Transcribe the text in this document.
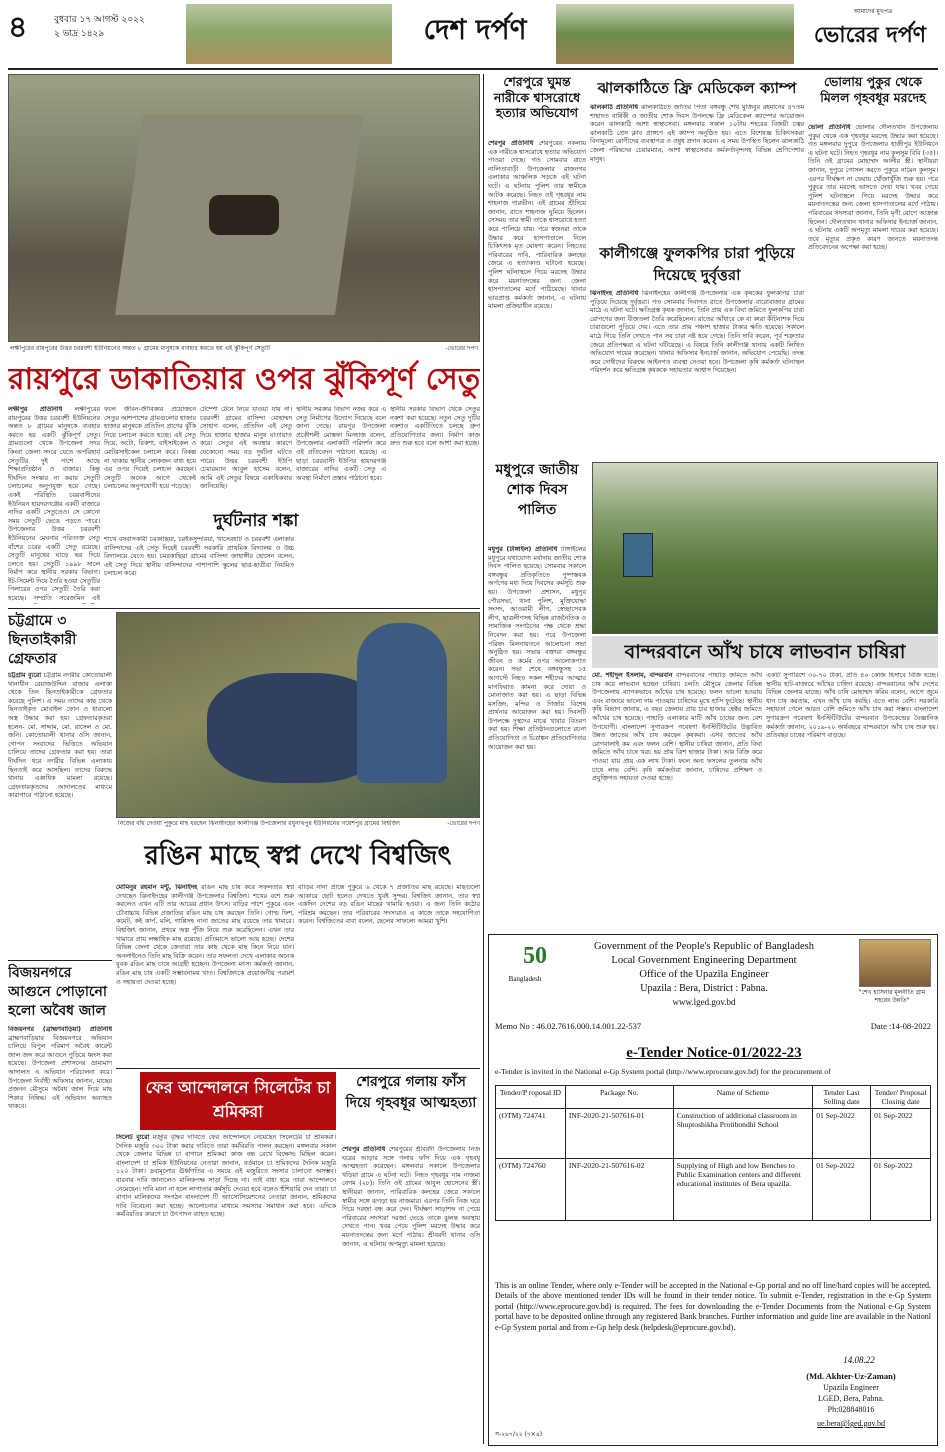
৪	বুধবার ১৭ আগস্ট ২০২২
২ ভাদ্র ১৪২৯	দেশ দর্পণ
আমাদের মুখপত্র
ভোরের দর্পণ
লক্ষীপুরের রায়পুরের উত্তর চররবশী ইউনিয়নের অন্তত ৮ গ্রামের মানুষকে ব্যবহার করতে হয় এই ঝুঁকিপূর্ণ সেতুটি	-ভোরের দর্পণ
রায়পুরে ডাকাতিয়ার ওপর ঝুঁকিপূর্ণ সেতু
লক্ষীপুর প্রতিনিধি লক্ষীপুরের রায়পুরের উত্তর চররবশী ইউনিয়নের অন্তত ৮ গ্রামের মানুষকে ব্যবহার করতে হয় একটি ঝুঁকিপূর্ণ সেতু। গ্রামগুলো থেকে উপজেলা সদর কিংবা জেলা সদরে যেতে অপরিহার্য সেতুটির দুই পাশে আছে শিক্ষাপ্রতিষ্ঠান ও বাজার। কিন্তু দীর্ঘদিন সংস্কার না করায় সেতুটি চলাচলের অনুপযুক্ত হয়ে গেছে। একই পরিস্থিতি চররবাসীদের ইউনিয়ন হায়দরগঞ্জের একটি বাজারে নাদির একটি সেতুতেও। সে কোনো সময় সেতুটি ভেঙে পড়তে পারে। উপজেলার উত্তর চররবশী ইউনিয়নের মেঘনার পরিত্যক্ত সেতু বাঁশের চরের একটি সেতু রয়েছে। সেতুটি মানুষের ঘাড়ে ভর দিয়ে চলতে হয়। সেতুটি ১৯৯৮ সালে নির্মাণ করে স্থানীয় সরকার বিভাগ। ইট-সিমেন্ট দিয়ে তৈরি হওয়া সেতুটির পিলারের ওপর সেতুটি তৈরি করা হয়েছে। সম্প্রতি সরেজমিন এই
ফলে জীবন-জীবিকার প্রয়োজনে সেতুর আশপাশের গ্রামগুলোর হাজার হাজার মানুষকে প্রতিদিন প্রাণের ঝুঁকি নিয়ে চলাচল করতে হচ্ছে। এই সেতু দিয়ে, অটো, রিকশা, বাইসাইকেল ও মোটরসাইকেল চলাচল করে। বিকল্প না থাকায় স্থানীয় লোকজন বাধ্য হয়ে এর ওপর দিয়েই চলাচল করছেন। সেতুটি অনেক আগে থেকেই চলাচলের অনুপযোগী হয়ে পড়েছে।
টেম্পো টেনে নিয়ে যাওয়া যায় না। চররবশী গ্রামের বাসিন্দা মোহাম্মদ সোহাগ বলেন, প্রতিদিন এই সেতু দিয়ে হাজার হাজার মানুষ যাতায়াত করে। সেতুর এই অবস্থার কারণে যেকোনো সময় বড় দুর্ঘটনা ঘটতে পারে। উত্তর চররবশী ইউপি চেয়ারম্যান আবুল হাসেম বলেন, আমি এই সেতুর বিষয়ে একাধিকবার জানিয়েছি।
স্থানীয় সরকার বিভাগ নজর করে এ সেতু নির্মাণের উদ্যোগ নিয়েছে বলে জানা গেছে। রায়পুর উপজেলা প্রকৌশলী মোস্তফা মিনহাজ বলেন, উপজেলার এলাকাটি পরিদর্শন করে ওই প্রতিবেদন পাঠানো হয়েছে। এ ছাড়া চররবাসী ইউপির হায়দরগঞ্জ বাজারের নাদির একটি সেতু এ অবস্থা নির্মাণে প্রস্তাব পাঠানো হবে।
স্থানীয় সরকার বিভাগ থেকে সেতুর নকশা করা হয়েছে। নতুন সেতু দুটির নকশাও একটিতিতে চলছে গ্রুপ প্রতিযোগিতার জন্য। নির্মাণ কাজ দ্রুত শুরু হবে বলে আশা করা হচ্ছে।
দুর্ঘটনার শঙ্কা
শাখে বসবাসকারী চরকাছিয়া, চরইকসুন্দরিয়া, খাসেরহাট ও চররবশী এলাকার বাসিন্দাদের এই সেতু দিয়েই চররবশী সরকারি প্রাথমিক বিদ্যালয় ও উচ্চ বিদ্যালয়ে যেতে হয়। চমরকাছিয়া গ্রামের বাসিন্দা জাহাঙ্গীর হোসেন বলেন, এই সেতু দিয়ে স্থানীয় বাসিন্দাদের পাশাপাশি স্কুলের ছাত্র-ছাত্রীরা নিয়মিত চলাচল করে।
চট্টগ্রামে ৩ ছিনতাইকারী গ্রেফতার
চট্টগ্রাম ব্যুরো চট্টগ্রাম নগরীর কোতোয়ালী থানাধীন রেয়াজউদ্দিন বাজার এলাকা থেকে তিন ছিনতাইকারীকে গ্রেফতার করেছে পুলিশ। এ সময় তাদের কাছ থেকে ছিনতাইকৃত মোবাইল ফোন ও ধারালো অস্ত্র উদ্ধার করা হয়। গ্রেফতারকৃতরা হলেন- মো. সাদ্দাম, মো. রাসেল ও মো. জনি। কোতোয়ালী থানার ওসি জানান, গোপন সংবাদের ভিত্তিতে অভিযান চালিয়ে তাদের গ্রেফতার করা হয়। তারা দীর্ঘদিন ধরে নগরীর বিভিন্ন এলাকায় ছিনতাই করে আসছিল। তাদের বিরুদ্ধে থানায় একাধিক মামলা রয়েছে। গ্রেফতারকৃতদের আদালতের মাধ্যমে কারাগারে পাঠানো হয়েছে।
বিজয়নগরে আগুনে পোড়ানো হলো অবৈধ জাল
বিজয়নগর (ব্রাহ্মণবাড়িয়া) প্রতিনিধি ব্রাহ্মণবাড়িয়ার বিজয়নগরে অভিযান চালিয়ে বিপুল পরিমাণ অবৈধ কারেন্ট জাল জব্দ করে আগুনে পুড়িয়ে ধ্বংস করা হয়েছে। উপজেলা প্রশাসনের ভ্রাম্যমাণ আদালত এ অভিযান পরিচালনা করে। উপজেলা নির্বাহী অফিসার জানান, মাছের প্রজনন মৌসুমে অবৈধ জাল দিয়ে মাছ শিকার নিষিদ্ধ। এই অভিযান অব্যাহত থাকবে।
নিজের বাঁধ দেওয়া পুকুরে মাছ ধরছেন ঝিনাইদহের কালীগঞ্জ উপজেলার রঘুনাথপুর ইউনিয়নের গয়েশপুর গ্রামের বিশ্বজিৎ	-ভোরের দর্পণ
রঙিন মাছে স্বপ্ন দেখে বিশ্বজিৎ
মোমিনুর রহমান মন্টু, ঝিনাইদহ রঙিন মাছ চাষ করে সফলতার স্বপ্ন দেখছেন ঝিনাইদহের কালীগঞ্জ উপজেলার বিশ্বজিৎ। শখের বশে শুরু করলেও এখন এটি তার আয়ের প্রধান উৎস। বাড়ির পাশে পুকুরে এবং চৌবাচ্চায় বিভিন্ন প্রজাতির রঙিন মাছ চাষ করছেন তিনি। গোল্ড ফিশ, কমেট, কই কার্প, মলি, গাপ্পিসহ নানা জাতের মাছ রয়েছে তার খামারে। বিশ্বজিৎ জানান, প্রথমে অল্প পুঁজি নিয়ে শুরু করেছিলেন। এখন তার খামারে প্রায় লক্ষাধিক মাছ রয়েছে। প্রতিমাসে ভালো আয় হচ্ছে। দেশের বিভিন্ন জেলা থেকে ক্রেতারা তার কাছ থেকে মাছ কিনে নিয়ে যান। অনলাইনেও তিনি মাছ বিক্রি করেন। তার সফলতা দেখে এলাকার অনেক যুবক রঙিন মাছ চাষে আগ্রহী হচ্ছেন। উপজেলা মৎস্য কর্মকর্তা জানান, রঙিন মাছ চাষ একটি সম্ভাবনাময় খাত। বিশ্বজিৎকে প্রয়োজনীয় পরামর্শ ও সহায়তা দেওয়া হচ্ছে।
বাড়ির নানা প্রান্তে পুকুরে ৬ থেকে ৭ প্রজাতির মাছ রয়েছে। মাছগুলো আকারে ছোট হলেও দেখতে খুবই সুন্দর। বিশ্বজিৎ জানান, তার স্বপ্ন একদিন দেশের বড় রঙিন মাছের খামারি হওয়া। এ জন্য তিনি কঠোর পরিশ্রম করছেন। তার পরিবারের সদস্যরাও এ কাজে তাকে সহযোগিতা করেন। বিশ্বজিতের বাবা বলেন, ছেলের সাফল্যে আমরা খুশি।
ফের আন্দোলনে সিলেটের চা শ্রমিকরা
সিলেট ব্যুরো মজুরি বৃদ্ধির দাবিতে ফের আন্দোলনে নেমেছেন সিলেটের চা শ্রমিকরা। দৈনিক মজুরি ৩০০ টাকা করার দাবিতে তারা কর্মবিরতি পালন করছেন। মঙ্গলবার সকাল থেকে জেলার বিভিন্ন চা বাগানে শ্রমিকরা কাজ বন্ধ রেখে বিক্ষোভ মিছিল করেন। বাংলাদেশ চা শ্রমিক ইউনিয়নের নেতারা জানান, বর্তমানে চা শ্রমিকদের দৈনিক মজুরি ১২০ টাকা। দ্রব্যমূল্যের ঊর্ধ্বগতির এ সময়ে এই মজুরিতে সংসার চালানো অসম্ভব। বারবার দাবি জানালেও মালিকপক্ষ সাড়া দিচ্ছে না। তাই বাধ্য হয়ে তারা আন্দোলনে নেমেছেন। দাবি মানা না হলে লাগাতার কর্মসূচি দেওয়া হবে বলেও হুঁশিয়ারি দেন তারা। চা বাগান মালিকদের সংগঠন বাংলাদেশ টি অ্যাসোসিয়েশনের নেতারা জানান, শ্রমিকদের দাবি বিবেচনা করা হচ্ছে। আলোচনার মাধ্যমে সমস্যার সমাধান করা হবে। এদিকে কর্মবিরতির কারণে চা উৎপাদন ব্যাহত হচ্ছে।
শেরপুরে গলায় ফাঁস দিয়ে গৃহবধূর আত্মহত্যা
শেরপুর প্রতিনিধি শেরপুরের শ্রীবরদী উপজেলায় নিজ ঘরের আড়ার সঙ্গে গলায় ফাঁস দিয়ে এক গৃহবধূ আত্মহত্যা করেছেন। মঙ্গলবার সকালে উপজেলার খড়িয়া গ্রামে এ ঘটনা ঘটে। নিহত গৃহবধূর নাম নাজমা বেগম (২৮)। তিনি ওই গ্রামের আবুল হোসেনের স্ত্রী। স্থানীয়রা জানান, পারিবারিক কলহের জেরে সকালে স্বামীর সঙ্গে ঝগড়া হয় নাজমার। এরপর তিনি নিজ ঘরে গিয়ে দরজা বন্ধ করে দেন। দীর্ঘক্ষণ সাড়াশব্দ না পেয়ে পরিবারের সদস্যরা দরজা ভেঙে তাকে ঝুলন্ত অবস্থায় দেখতে পান। খবর পেয়ে পুলিশ মরদেহ উদ্ধার করে ময়নাতদন্তের জন্য মর্গে পাঠায়। শ্রীবরদী থানার ওসি জানান, এ ঘটনায় অপমৃত্যু মামলা হয়েছে।
শেরপুরে ঘুমন্ত নারীকে শ্বাসরোধে হত্যার অভিযোগ
শেরপুর প্রতিনিধি শেরপুরের নকলায় এক নারীকে শ্বাসরোধে হত্যার অভিযোগ পাওয়া গেছে। গত সোমবার রাতে নালিতাবাড়ী উপজেলার রাজনগর এলাকার আঞ্চলিক সড়কে এই ঘটনা ঘটে। এ ঘটনায় পুলিশ তার স্বামীকে আটক করেছে। নিহত ওই গৃহবধূর নাম শাহনাজ পারভীন। এই গ্রামের শ্রীদিয়ে জানান, রাতে শাহনাজ ঘুমিয়ে ছিলেন। সেসময় তার স্বামী তাকে শ্বাসরোধে হত্যা করে পালিয়ে যায়। পরে স্বজনরা তাকে উদ্ধার করে হাসপাতালে নিলে চিকিৎসক মৃত ঘোষণা করেন। নিহতের পরিবারের দাবি, পারিবারিক কলহের জেরে এ হত্যাকাণ্ড ঘটানো হয়েছে। পুলিশ ঘটনাস্থলে গিয়ে মরদেহ উদ্ধার করে ময়নাতদন্তের জন্য জেলা হাসপাতালের মর্গে পাঠিয়েছে। থানার ভারপ্রাপ্ত কর্মকর্তা জানান, এ ঘটনায় মামলা প্রক্রিয়াধীন রয়েছে।
ঝালকাঠিতে ফ্রি মেডিকেল ক্যাম্প
ঝালকাঠি প্রতিনিধি ঝালকাঠিতে জাতির পিতা বঙ্গবন্ধু শেখ মুজিবুর রহমানের ৪৭তম শাহাদত বার্ষিকী ও জাতীয় শোক দিবস উপলক্ষে ফ্রি মেডিকেল ক্যাম্পের আয়োজন করেন ঝালকাঠি আশা স্বাস্থ্যসেবা। মঙ্গলবার সকাল ১০টায় শহরের বিজয়ী চত্বর ঝালকাঠি প্রেস ক্লাব প্রাঙ্গণে এই ক্যাম্প অনুষ্ঠিত হয়। এতে বিশেষজ্ঞ চিকিৎসকরা বিনামূল্যে রোগীদের ব্যবস্থাপত্র ও ওষুধ প্রদান করেন। এ সময় উপস্থিত ছিলেন ঝালকাঠি জেলা পরিষদের চেয়ারম্যান, আশা স্বাস্থ্যসেবার কর্মকর্তাবৃন্দসহ বিভিন্ন শ্রেণিপেশার মানুষ।
ভোলায় পুকুর থেকে মিলল গৃহবধূর মরদেহ
ভোলা প্রতিনিধি ভোলার দৌলতখান উপজেলায় পুকুর থেকে এক গৃহবধূর মরদেহ উদ্ধার করা হয়েছে। গত মঙ্গলবার দুপুরে উপজেলার হাজীপুর ইউনিয়নে এ ঘটনা ঘটে। নিহত গৃহবধূর নাম কুলসুম বিবি (৩৫)। তিনি ওই গ্রামের মোহাম্মদ আলীর স্ত্রী। স্থানীয়রা জানান, দুপুরে গোসল করতে পুকুরে নামেন কুলসুম। এরপর দীর্ঘক্ষণ না ফেরায় খোঁজাখুঁজি শুরু হয়। পরে পুকুরে তার মরদেহ ভাসতে দেখা যায়। খবর পেয়ে পুলিশ ঘটনাস্থলে গিয়ে মরদেহ উদ্ধার করে ময়নাতদন্তের জন্য জেলা হাসপাতালের মর্গে পাঠায়। পরিবারের সদস্যরা জানান, তিনি মৃগী রোগে আক্রান্ত ছিলেন। দৌলতখান থানার অফিসার ইনচার্জ জানান, এ ঘটনায় একটি অপমৃত্যু মামলা দায়ের করা হয়েছে। তবে মৃত্যুর প্রকৃত কারণ জানতে ময়নাতদন্ত প্রতিবেদনের অপেক্ষা করা হচ্ছে।
কালীগঞ্জে ফুলকপির চারা পুড়িয়ে দিয়েছে দুর্বৃত্তরা
ঝিনাইদহ প্রতিনিধি ঝিনাইদহের কালীগঞ্জ উপজেলায় এক কৃষকের ফুলকপির চারা পুড়িয়ে দিয়েছে দুর্বৃত্তরা। গত সোমবার দিবাগত রাতে উপজেলার বারোবাজার গ্রামের মাঠে এ ঘটনা ঘটে। ক্ষতিগ্রস্ত কৃষক জানান, তিনি প্রায় এক বিঘা জমিতে ফুলকপির চারা রোপণের জন্য বীজতলা তৈরি করেছিলেন। রাতের আঁধারে কে বা কারা কীটনাশক দিয়ে চারাগুলো পুড়িয়ে দেয়। এতে তার প্রায় পঞ্চাশ হাজার টাকার ক্ষতি হয়েছে। সকালে মাঠে গিয়ে তিনি দেখতে পান সব চারা নষ্ট হয়ে গেছে। তিনি দাবি করেন, পূর্ব শত্রুতার জেরে প্রতিপক্ষরা এ ঘটনা ঘটিয়েছে। এ বিষয়ে তিনি কালীগঞ্জ থানায় একটি লিখিত অভিযোগ দায়ের করেছেন। থানার অফিসার ইনচার্জ জানান, অভিযোগ পেয়েছি। তদন্ত করে দোষীদের বিরুদ্ধে আইনগত ব্যবস্থা নেওয়া হবে। উপজেলা কৃষি কর্মকর্তা ঘটনাস্থল পরিদর্শন করে ক্ষতিগ্রস্ত কৃষককে সহায়তার আশ্বাস দিয়েছেন।
মধুপুরে জাতীয় শোক দিবস পালিত
মধুপুর (টাঙ্গাইল) প্রতিনিধি টাঙ্গাইলের মধুপুরে যথাযোগ্য মর্যাদায় জাতীয় শোক দিবস পালিত হয়েছে। সোমবার সকালে বঙ্গবন্ধুর প্রতিকৃতিতে পুষ্পস্তবক অর্পণের মধ্য দিয়ে দিবসের কর্মসূচি শুরু হয়। উপজেলা প্রশাসন, মধুপুর পৌরসভা, থানা পুলিশ, মুক্তিযোদ্ধা সংসদ, আওয়ামী লীগ, স্বেচ্ছাসেবক লীগ, ছাত্রলীগসহ বিভিন্ন রাজনৈতিক ও সামাজিক সংগঠনের পক্ষ থেকে শ্রদ্ধা নিবেদন করা হয়। পরে উপজেলা পরিষদ মিলনায়তনে আলোচনা সভা অনুষ্ঠিত হয়। সভায় বক্তারা বঙ্গবন্ধুর জীবন ও কর্মের ওপর আলোকপাত করেন। সভা শেষে বঙ্গবন্ধুসহ ১৫ আগস্টে নিহত সকল শহীদের আত্মার মাগফিরাত কামনা করে দোয়া ও মোনাজাত করা হয়। এ ছাড়া বিভিন্ন মসজিদ, মন্দির ও গির্জায় বিশেষ প্রার্থনার আয়োজন করা হয়। দিবসটি উপলক্ষে দুস্থদের মাঝে খাবার বিতরণ করা হয়। শিক্ষা প্রতিষ্ঠানগুলোতে রচনা প্রতিযোগিতা ও চিত্রাঙ্কন প্রতিযোগিতার আয়োজন করা হয়।
বান্দরবানে আঁখ চাষে লাভবান চাষিরা
মো. শহীদুল ইসলাম, বান্দরবান বান্দরবানের পাহাড়ি জমিতে আঁখ চাষ করে লাভবান হচ্ছেন চাষিরা। চলতি মৌসুমে জেলার বিভিন্ন উপজেলায় ব্যাপকভাবে আঁখের চাষ হয়েছে। ফলন ভালো হওয়ায় এবং বাজারে ভালো দাম পাওয়ায় চাষিদের মুখে হাসি ফুটেছে। স্থানীয় কৃষি বিভাগ জানায়, এ বছর জেলায় প্রায় চার হাজার হেক্টর জমিতে আঁখের চাষ হয়েছে। পাহাড়ি এলাকার মাটি আঁখ চাষের জন্য বেশ উপযোগী। বাংলাদেশ সুগারক্রপ গবেষণা ইনস্টিটিউটের উদ্ভাবিত উন্নত জাতের আঁখ চাষ করছেন কৃষকরা। এসব জাতের আঁখ রোগবালাই কম এবং ফলন বেশি। স্থানীয় চাষিরা জানান, প্রতি বিঘা জমিতে আঁখ চাষে খরচ হয় প্রায় ত্রিশ হাজার টাকা। আর বিক্রি করে পাওয়া যায় প্রায় এক লাখ টাকা। ফলে অন্য ফসলের তুলনায় আঁখ চাষে লাভ বেশি। কৃষি কর্মকর্তারা জানান, চাষিদের প্রশিক্ষণ ও প্রযুক্তিগত সহায়তা দেওয়া হচ্ছে।
একটি সুপারিশে ৩০-৭০ টাকা, প্রতি ৪০ কেজি হিসাবে বিক্রি হচ্ছে। স্থানীয় হাট-বাজারে আঁখের চাহিদা রয়েছে। বান্দরবানের আঁখ দেশের বিভিন্ন জেলায় যাচ্ছে। আঁখ চাষি মোহাম্মদ করিম বলেন, আগে জুমে ধান চাষ করতাম, এখন আঁখ চাষ করছি। এতে লাভ বেশি। সরকারি সহায়তা পেলে আরও বেশি জমিতে আঁখ চাষ করা সম্ভব। বাংলাদেশ সুগারক্রপ গবেষণা ইনস্টিটিউটের বান্দরবান উপকেন্দ্রের বৈজ্ঞানিক কর্মকর্তা জানান, ২০১৯-২০ অর্থবছরে বান্দরবানে আঁখ চাষ শুরু হয়। প্রতিবছর চাষের পরিমাণ বাড়ছে।
50
Bangladesh
Government of the People's Republic of Bangladesh
Local Government Engineering Department
Office of the Upazila Engineer
Upazila : Bera, District : Pabna.
www.lged.gov.bd
"শেখ হাসিনার মূলনীতি গ্রাম শহরের উন্নতি"
Memo No : 46.02.7616.000.14.001.22-537	Date :14-08-2022
e-Tender Notice-01/2022-23
e-Tender is invited in the National e-Gp System portal (http://www.eprocure.gov.bd) for the procurement of
Tender/P roposal ID	Package No.	Name of Scheme	Tender Last Selling date	Tender/ Proposal Closing date
(OTM) 724741	INF-2020-21-507616-01	Construction of additional classroom in Shuptoshikha Protibondhi School	01 Sep-2022	01 Sep-2022
(OTM) 724760	INF-2020-21-507616-02	Supplying of High and low Benches to Public Examination centers and different educational institutes of Bera upazila.	01 Sep-2022	01 Sep-2022
This is an online Tender, where only e-Tender will be accepted in the National e-Gp portal and no off line/hard copies will be accepted. Details of the above mentioned tender IDs will be found in their tender notice. To submit e-Tender, registration in the e-Gp System portal (http://www.eprocure.gov.bd) is required. The fees for downloading the e-Tender Documents from the National e-Gp System portal have to be deposited online through any registered Bank branches. Further information and guide line are available in the Nationl e-Gp System portal and from e-Gp help desk (helpdesk@eprocure.gov.bd).
14.08.22
(Md. Akhter-Uz-Zaman)
Upazila Engineer
LGED, Bera, Pabna.
Ph:028848016
ue.bera@lged.gov.bd
স-২৬৭/২২ (৭×৪)
